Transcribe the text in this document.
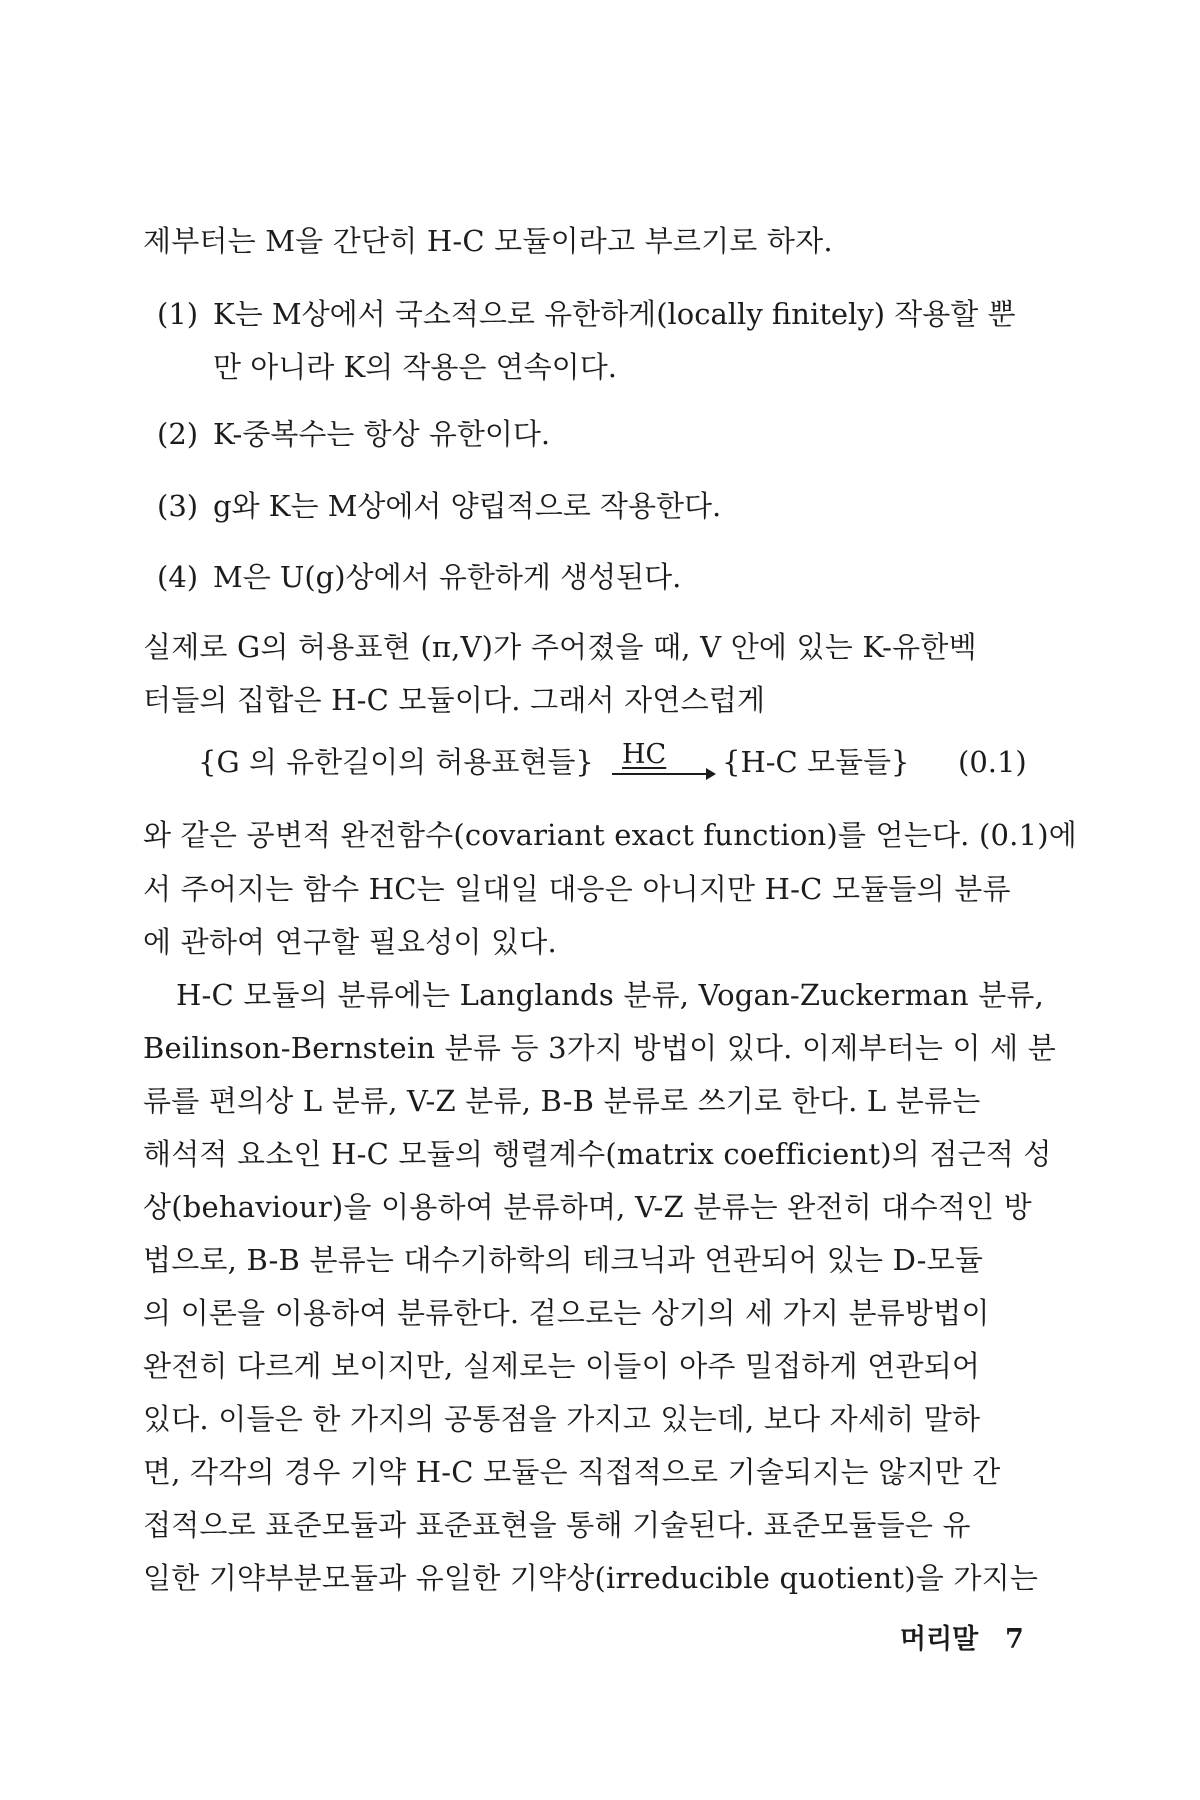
제부터는 M을 간단히 H-C 모듈이라고 부르기로 하자.
(1) K는 M상에서 국소적으로 유한하게(locally finitely) 작용할 뿐
만 아니라 K의 작용은 연속이다.
(2) K-중복수는 항상 유한이다.
(3) g와 K는 M상에서 양립적으로 작용한다.
(4) M은 U(g)상에서 유한하게 생성된다.
실제로 G의 허용표현 (π,V)가 주어졌을 때, V 안에 있는 K-유한벡
터들의 집합은 H-C 모듈이다. 그래서 자연스럽게
{G 의 유한길이의 허용표현들} HC {H-C 모듈들} (0.1)
와 같은 공변적 완전함수(covariant exact function)를 얻는다. (0.1)에
서 주어지는 함수 HC는 일대일 대응은 아니지만 H-C 모듈들의 분류
에 관하여 연구할 필요성이 있다.
H-C 모듈의 분류에는 Langlands 분류, Vogan-Zuckerman 분류,
Beilinson-Bernstein 분류 등 3가지 방법이 있다. 이제부터는 이 세 분
류를 편의상 L 분류, V-Z 분류, B-B 분류로 쓰기로 한다. L 분류는
해석적 요소인 H-C 모듈의 행렬계수(matrix coefficient)의 점근적 성
상(behaviour)을 이용하여 분류하며, V-Z 분류는 완전히 대수적인 방
법으로, B-B 분류는 대수기하학의 테크닉과 연관되어 있는 D-모듈
의 이론을 이용하여 분류한다. 겉으로는 상기의 세 가지 분류방법이
완전히 다르게 보이지만, 실제로는 이들이 아주 밀접하게 연관되어
있다. 이들은 한 가지의 공통점을 가지고 있는데, 보다 자세히 말하
면, 각각의 경우 기약 H-C 모듈은 직접적으로 기술되지는 않지만 간
접적으로 표준모듈과 표준표현을 통해 기술된다. 표준모듈들은 유
일한 기약부분모듈과 유일한 기약상(irreducible quotient)을 가지는
머리말 7
